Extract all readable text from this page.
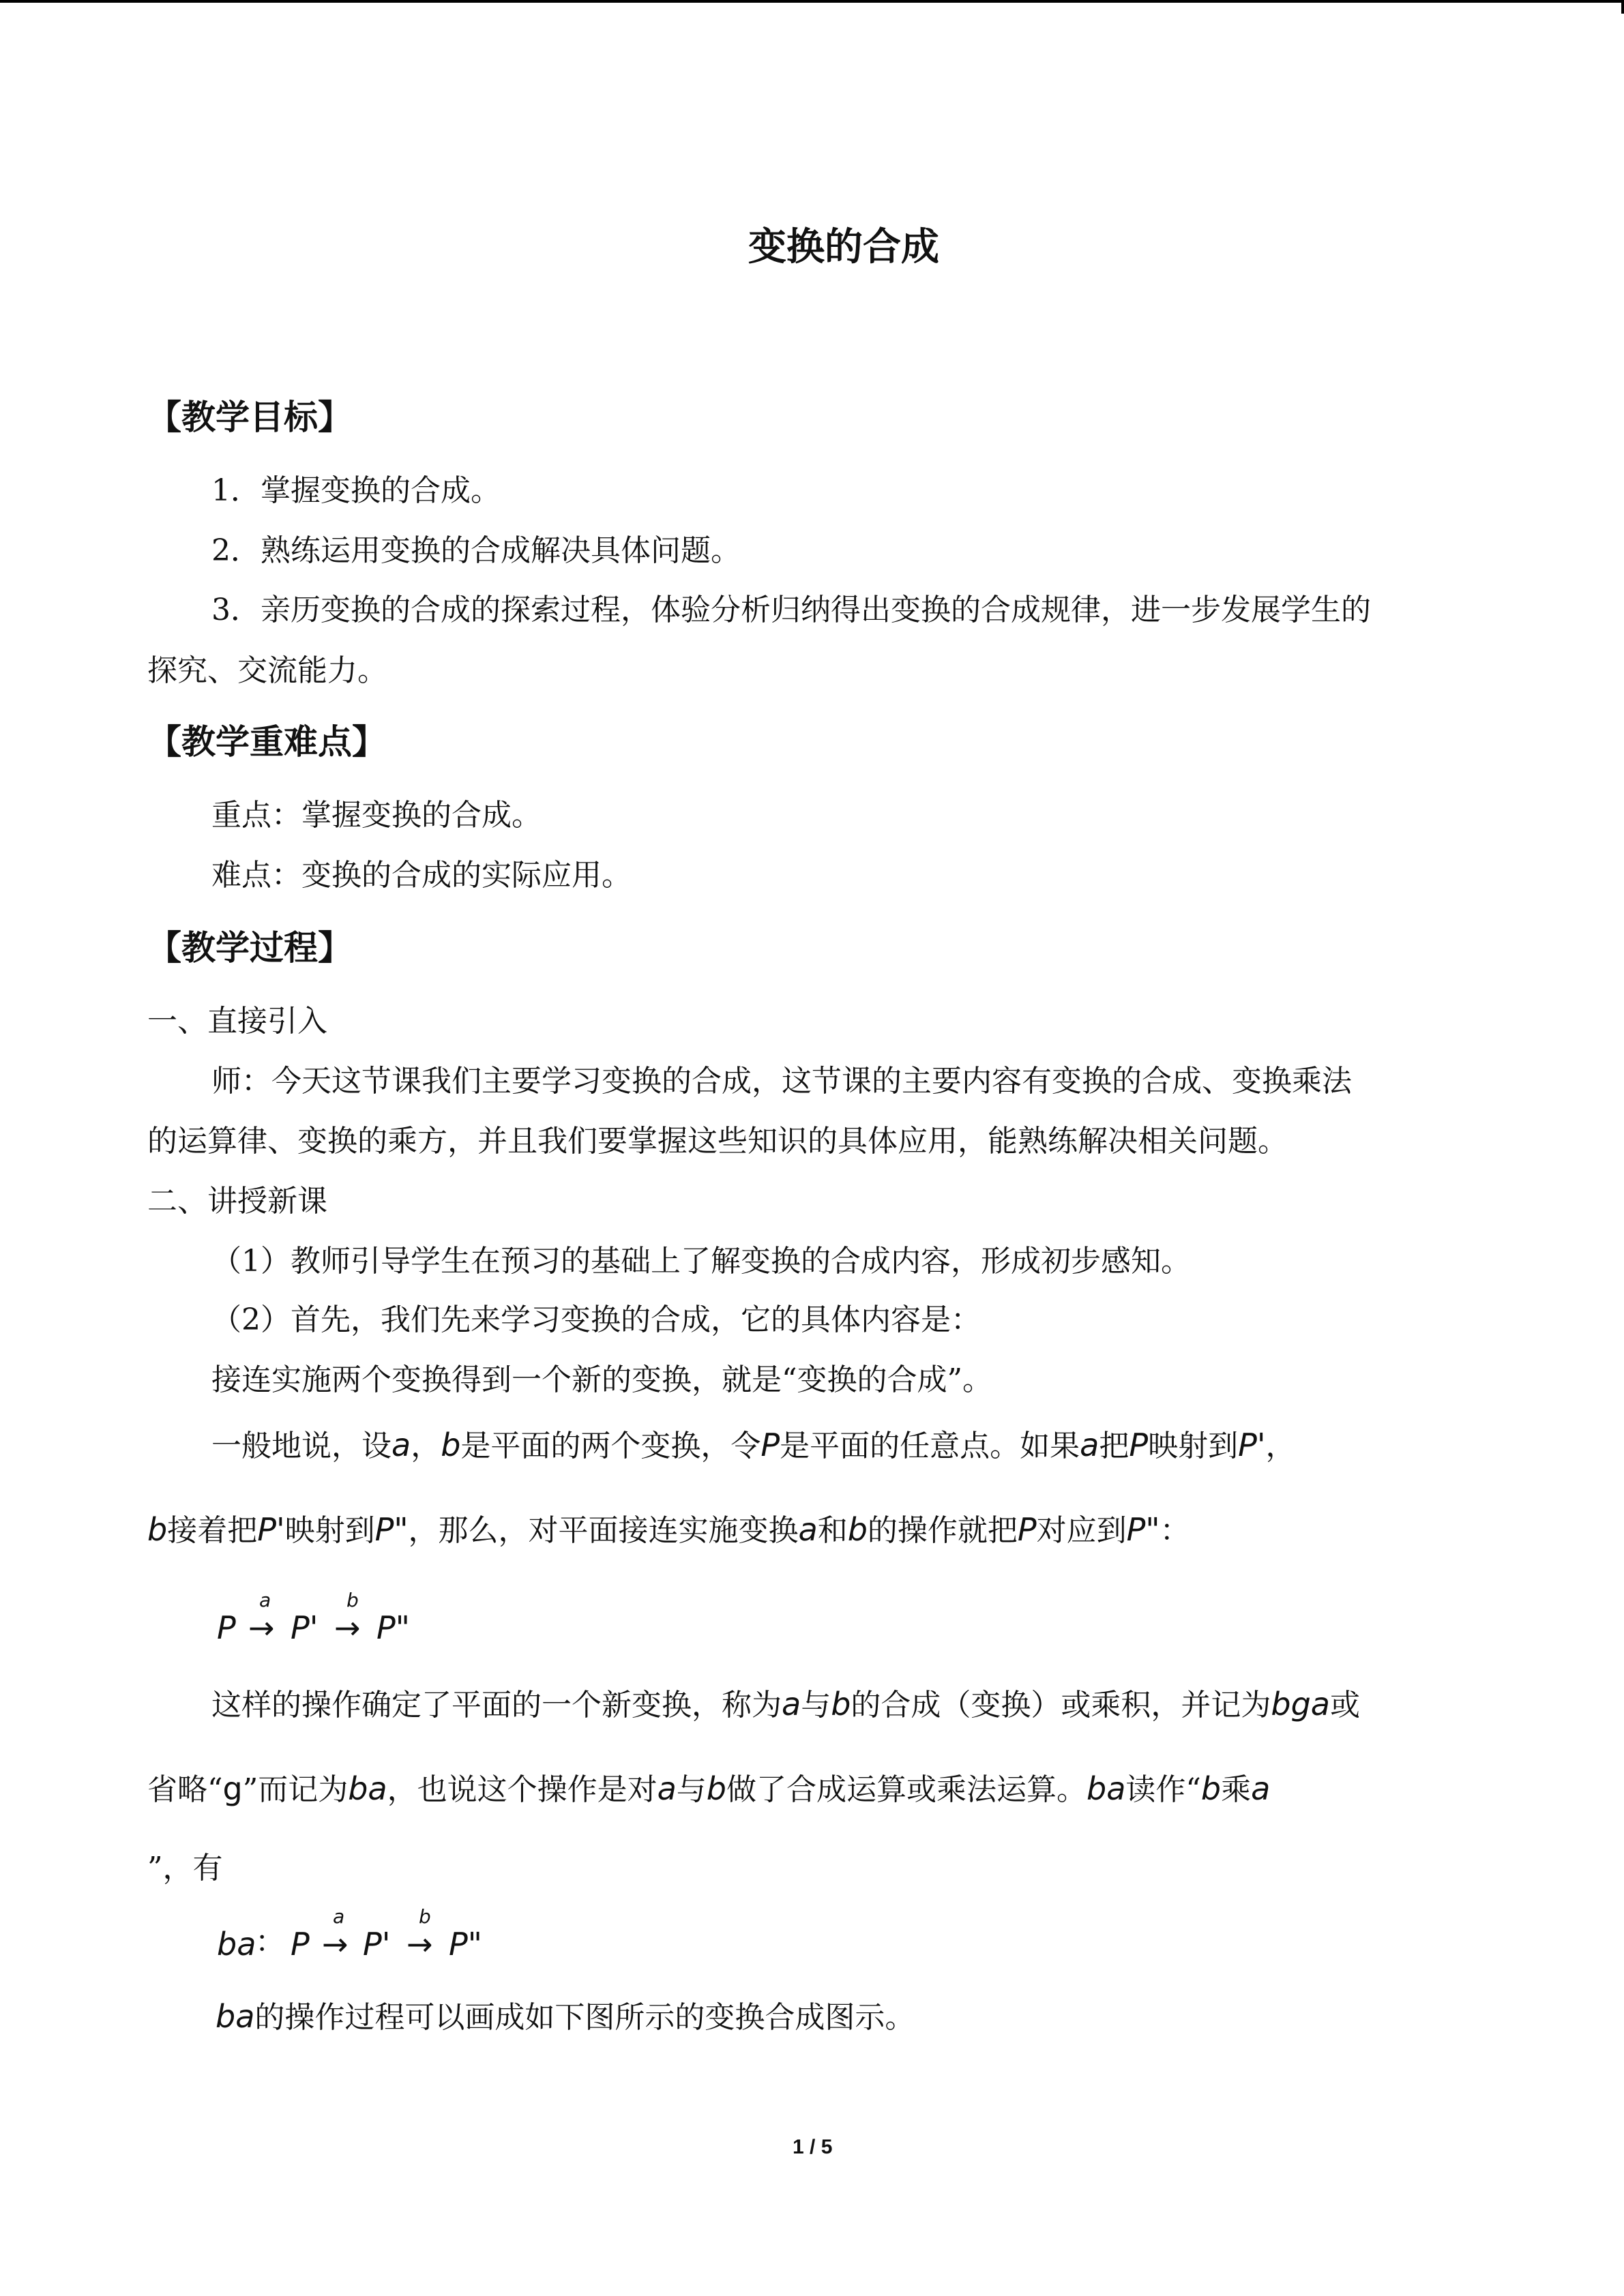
变换的合成
【教学目标】
1．掌握变换的合成。
2．熟练运用变换的合成解决具体问题。
3．亲历变换的合成的探索过程，体验分析归纳得出变换的合成规律，进一步发展学生的
探究、交流能力。
【教学重难点】
重点：掌握变换的合成。
难点：变换的合成的实际应用。
【教学过程】
一、直接引入
师：今天这节课我们主要学习变换的合成，这节课的主要内容有变换的合成、变换乘法
的运算律、变换的乘方，并且我们要掌握这些知识的具体应用，能熟练解决相关问题。
二、讲授新课
（1）教师引导学生在预习的基础上了解变换的合成内容，形成初步感知。
（2）首先，我们先来学习变换的合成，它的具体内容是：
接连实施两个变换得到一个新的变换，就是“变换的合成”。
一般地说，设a，b是平面的两个变换，令P是平面的任意点。如果a把P映射到P'，
b接着把P'映射到P"，那么，对平面接连实施变换a和b的操作就把P对应到P"：
P →
a
P' →
b
P"
这样的操作确定了平面的一个新变换，称为a与b的合成（变换）或乘积，并记为bga或
省略“g”而记为ba，也说这个操作是对a与b做了合成运算或乘法运算。ba读作“b乘a
”，有
ba
： P →
a
P' →
b
P"
ba的操作过程可以画成如下图所示的变换合成图示。
1 / 5
